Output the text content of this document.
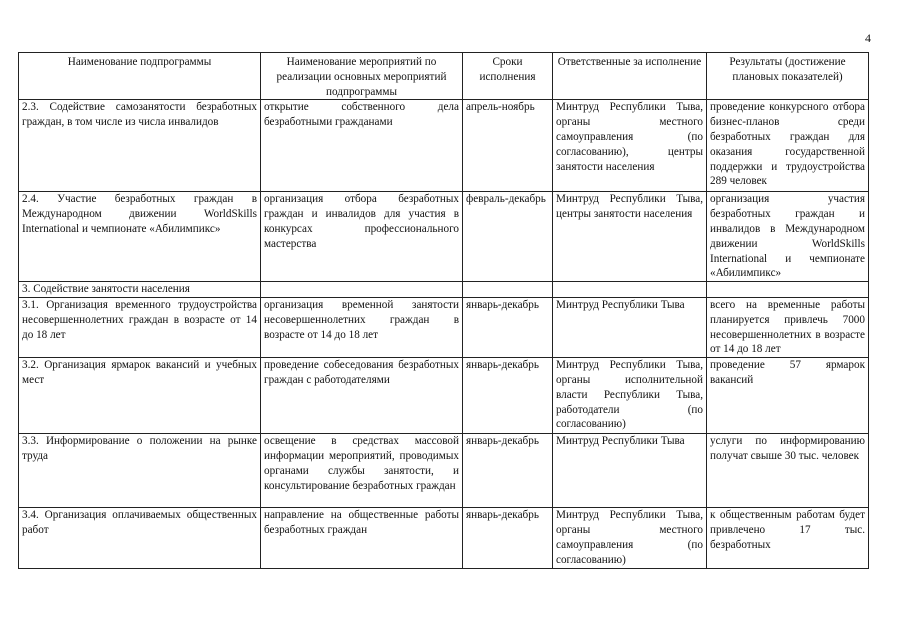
4
Наименование подпрограммы	Наименование мероприятий по реализации основных мероприятий подпрограммы	Сроки исполнения	Ответственные за исполнение	Результаты (достижение плановых показателей)
2.3. Содействие самозанятости безработных граждан, в том числе из числа инвалидов	открытие собственного дела безработными гражданами	апрель-ноябрь	Минтруд Республики Тыва, органы местного самоуправления (по согласованию), центры занятости населения	проведение конкурсного отбора бизнес-планов среди безработных граждан для оказания государственной поддержки и трудоустройства 289 человек
2.4. Участие безработных граждан в Международном движении WorldSkills International и чемпионате «Абилимпикс»	организация отбора безработных граждан и инвалидов для участия в конкурсах профессионального мастерства	февраль-декабрь	Минтруд Республики Тыва, центры занятости населения	организация участия безработных граждан и инвалидов в Международном движении WorldSkills International и чемпионате «Абилимпикс»
3. Содействие занятости населения				
3.1. Организация временного трудоустройства несовершеннолетних граждан в возрасте от 14 до 18 лет	организация временной занятости несовершеннолетних граждан в возрасте от 14 до 18 лет	январь-декабрь	Минтруд Республики Тыва	всего на временные работы планируется привлечь 7000 несовершеннолетних в возрасте от 14 до 18 лет
3.2. Организация ярмарок вакансий и учебных мест	проведение собеседования безработных граждан с работодателями	январь-декабрь	Минтруд Республики Тыва, органы исполнительной власти Республики Тыва, работодатели (по согласованию)	проведение 57 ярмарок вакансий
3.3. Информирование о положении на рынке труда	освещение в средствах массовой информации мероприятий, проводимых органами службы занятости, и консультирование безработных граждан	январь-декабрь	Минтруд Республики Тыва	услуги по информированию получат свыше 30 тыс. человек
3.4. Организация оплачиваемых общественных работ	направление на общественные работы безработных граждан	январь-декабрь	Минтруд Республики Тыва, органы местного самоуправления (по согласованию)	к общественным работам будет привлечено 17 тыс. безработных
